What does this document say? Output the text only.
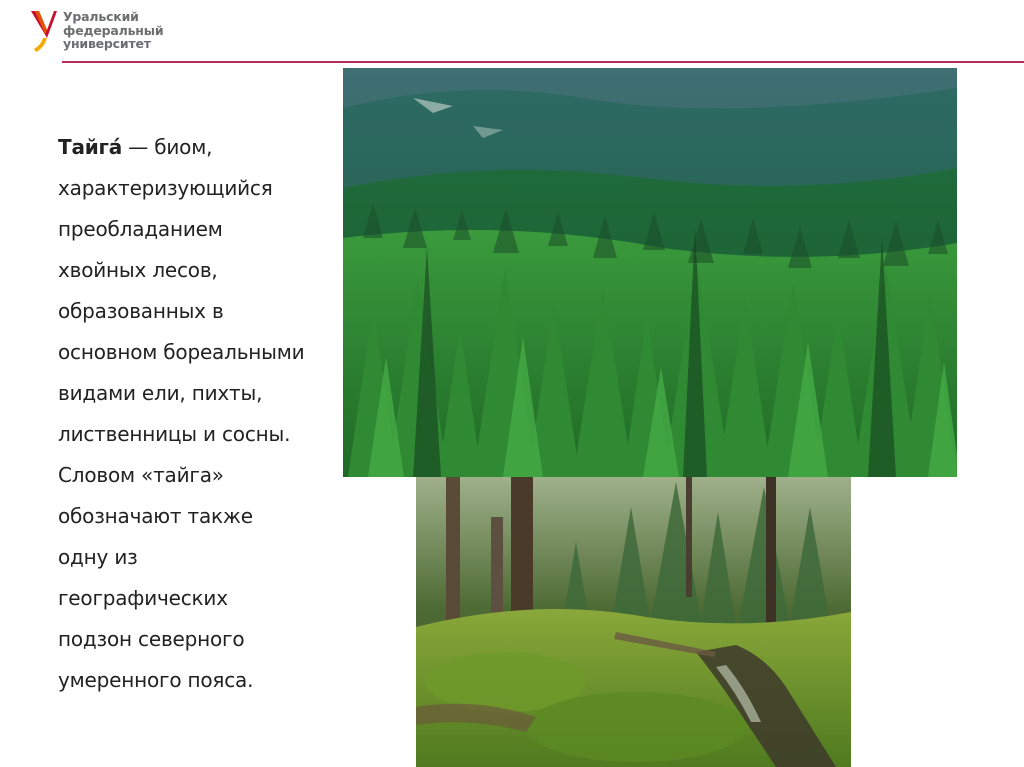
Уральский
федеральный
университет
Тайга́ — биом,
характеризующийся
преобладанием
хвойных лесов,
образованных в
основном бореальными
видами ели, пихты,
лиственницы и сосны.
Словом «тайга»
обозначают также
одну из
географических
подзон северного
умеренного пояса.
